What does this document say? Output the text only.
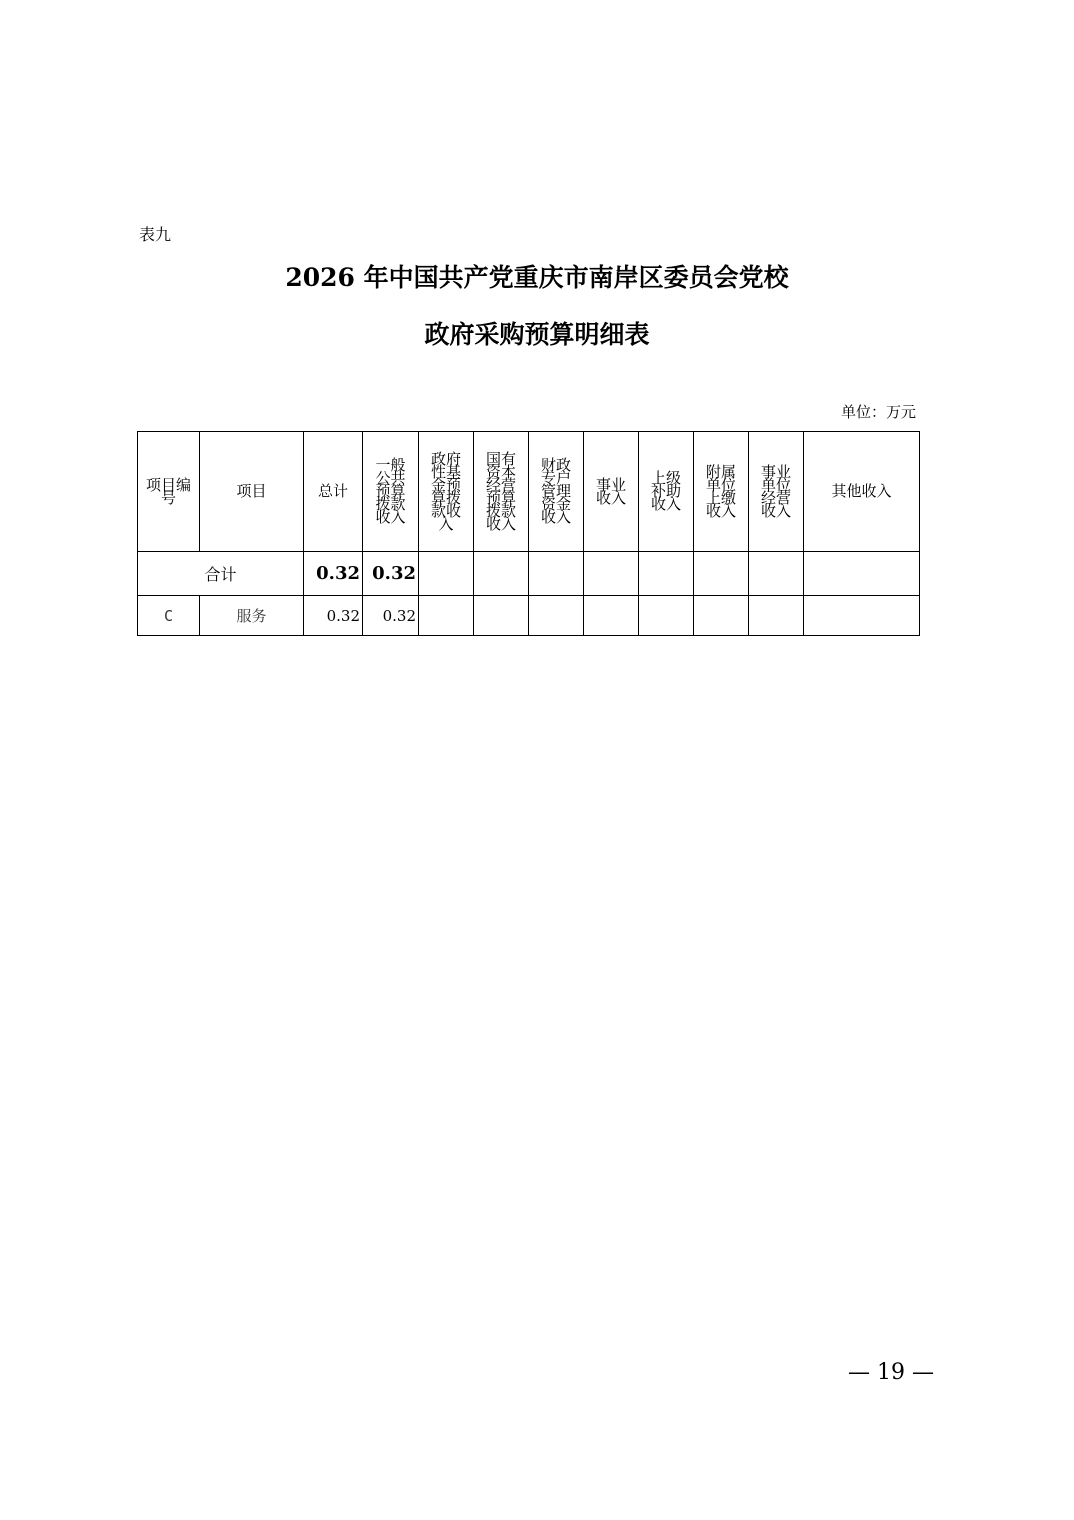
表九
2026 年中国共产党重庆市南岸区委员会党校
政府采购预算明细表
单位：万元
项目编号	项目	总计	一般公共预算拨款收入	政府性基金预算拨款收入	国有资本经营预算拨款收入	财政专户管理资金收入	事业收入	上级补助收入	附属单位上缴收入	事业单位经营收入	其他收入
合计		0.32	0.32								
C	服务	0.32	0.32								
— 19 —
